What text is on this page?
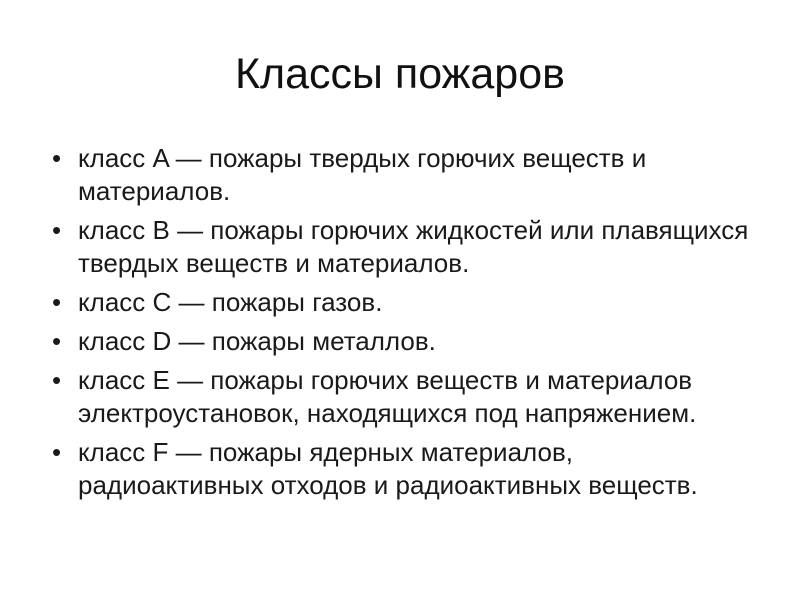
Классы пожаров
• класс A — пожары твердых горючих веществ и материалов.
• класс B — пожары горючих жидкостей или плавящихся твердых веществ и материалов.
• класс C — пожары газов.
• класс D — пожары металлов.
• класс E — пожары горючих веществ и материалов электроустановок, находящихся под напряжением.
• класс F — пожары ядерных материалов, радиоактивных отходов и радиоактивных веществ.
